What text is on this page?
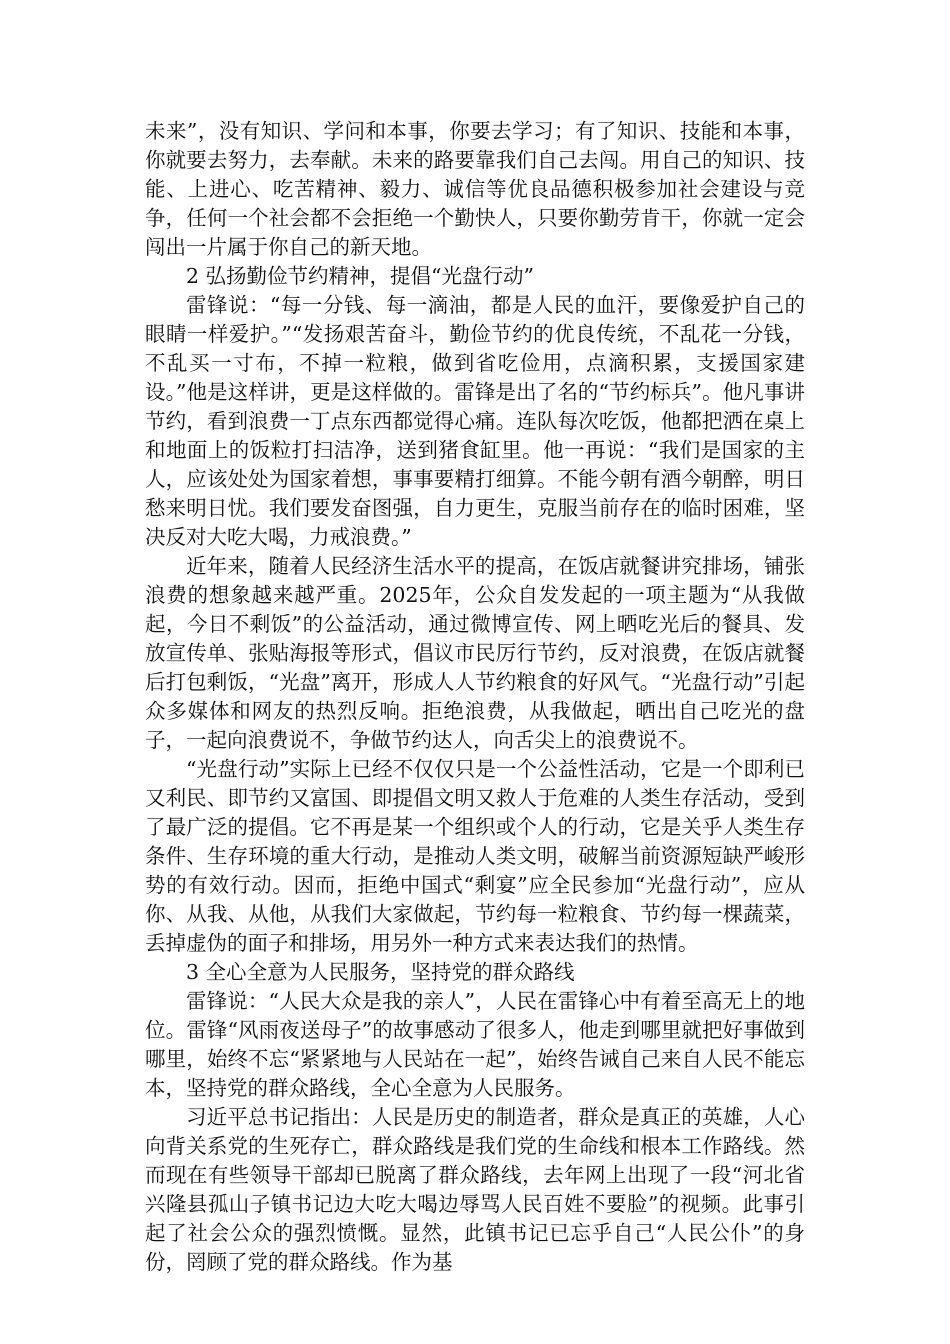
未来”，没有知识、学问和本事，你要去学习；有了知识、技能和本事，你就要去努力，去奉献。未来的路要靠我们自己去闯。用自己的知识、技能、上进心、吃苦精神、毅力、诚信等优良品德积极参加社会建设与竞争，任何一个社会都不会拒绝一个勤快人，只要你勤劳肯干，你就一定会闯出一片属于你自己的新天地。

2 弘扬勤俭节约精神，提倡“光盘行动”

雷锋说：“每一分钱、每一滴油，都是人民的血汗，要像爱护自己的眼睛一样爱护。”“发扬艰苦奋斗，勤俭节约的优良传统，不乱花一分钱，不乱买一寸布，不掉一粒粮，做到省吃俭用，点滴积累，支援国家建设。”他是这样讲，更是这样做的。雷锋是出了名的“节约标兵”。他凡事讲节约，看到浪费一丁点东西都觉得心痛。连队每次吃饭，他都把洒在桌上和地面上的饭粒打扫洁净，送到猪食缸里。他一再说：“我们是国家的主人，应该处处为国家着想，事事要精打细算。不能今朝有酒今朝醉，明日愁来明日忧。我们要发奋图强，自力更生，克服当前存在的临时困难，坚决反对大吃大喝，力戒浪费。”

近年来，随着人民经济生活水平的提高，在饭店就餐讲究排场，铺张浪费的想象越来越严重。2025年，公众自发发起的一项主题为“从我做起，今日不剩饭”的公益活动，通过微博宣传、网上晒吃光后的餐具、发放宣传单、张贴海报等形式，倡议市民厉行节约，反对浪费，在饭店就餐后打包剩饭，“光盘”离开，形成人人节约粮食的好风气。“光盘行动”引起众多媒体和网友的热烈反响。拒绝浪费，从我做起，晒出自己吃光的盘子，一起向浪费说不，争做节约达人，向舌尖上的浪费说不。

“光盘行动”实际上已经不仅仅只是一个公益性活动，它是一个即利已又利民、即节约又富国、即提倡文明又救人于危难的人类生存活动，受到了最广泛的提倡。它不再是某一个组织或个人的行动，它是关乎人类生存条件、生存环境的重大行动，是推动人类文明，破解当前资源短缺严峻形势的有效行动。因而，拒绝中国式“剩宴”应全民参加“光盘行动”，应从你、从我、从他，从我们大家做起，节约每一粒粮食、节约每一棵蔬菜，丢掉虚伪的面子和排场，用另外一种方式来表达我们的热情。

3 全心全意为人民服务，坚持党的群众路线

雷锋说：“人民大众是我的亲人”，人民在雷锋心中有着至高无上的地位。雷锋“风雨夜送母子”的故事感动了很多人，他走到哪里就把好事做到哪里，始终不忘“紧紧地与人民站在一起”，始终告诫自己来自人民不能忘本，坚持党的群众路线，全心全意为人民服务。

习近平总书记指出：人民是历史的制造者，群众是真正的英雄，人心向背关系党的生死存亡，群众路线是我们党的生命线和根本工作路线。然而现在有些领导干部却已脱离了群众路线，去年网上出现了一段“河北省兴隆县孤山子镇书记边大吃大喝边辱骂人民百姓不要脸”的视频。此事引起了社会公众的强烈愤慨。显然，此镇书记已忘乎自己“人民公仆”的身份，罔顾了党的群众路线。作为基
